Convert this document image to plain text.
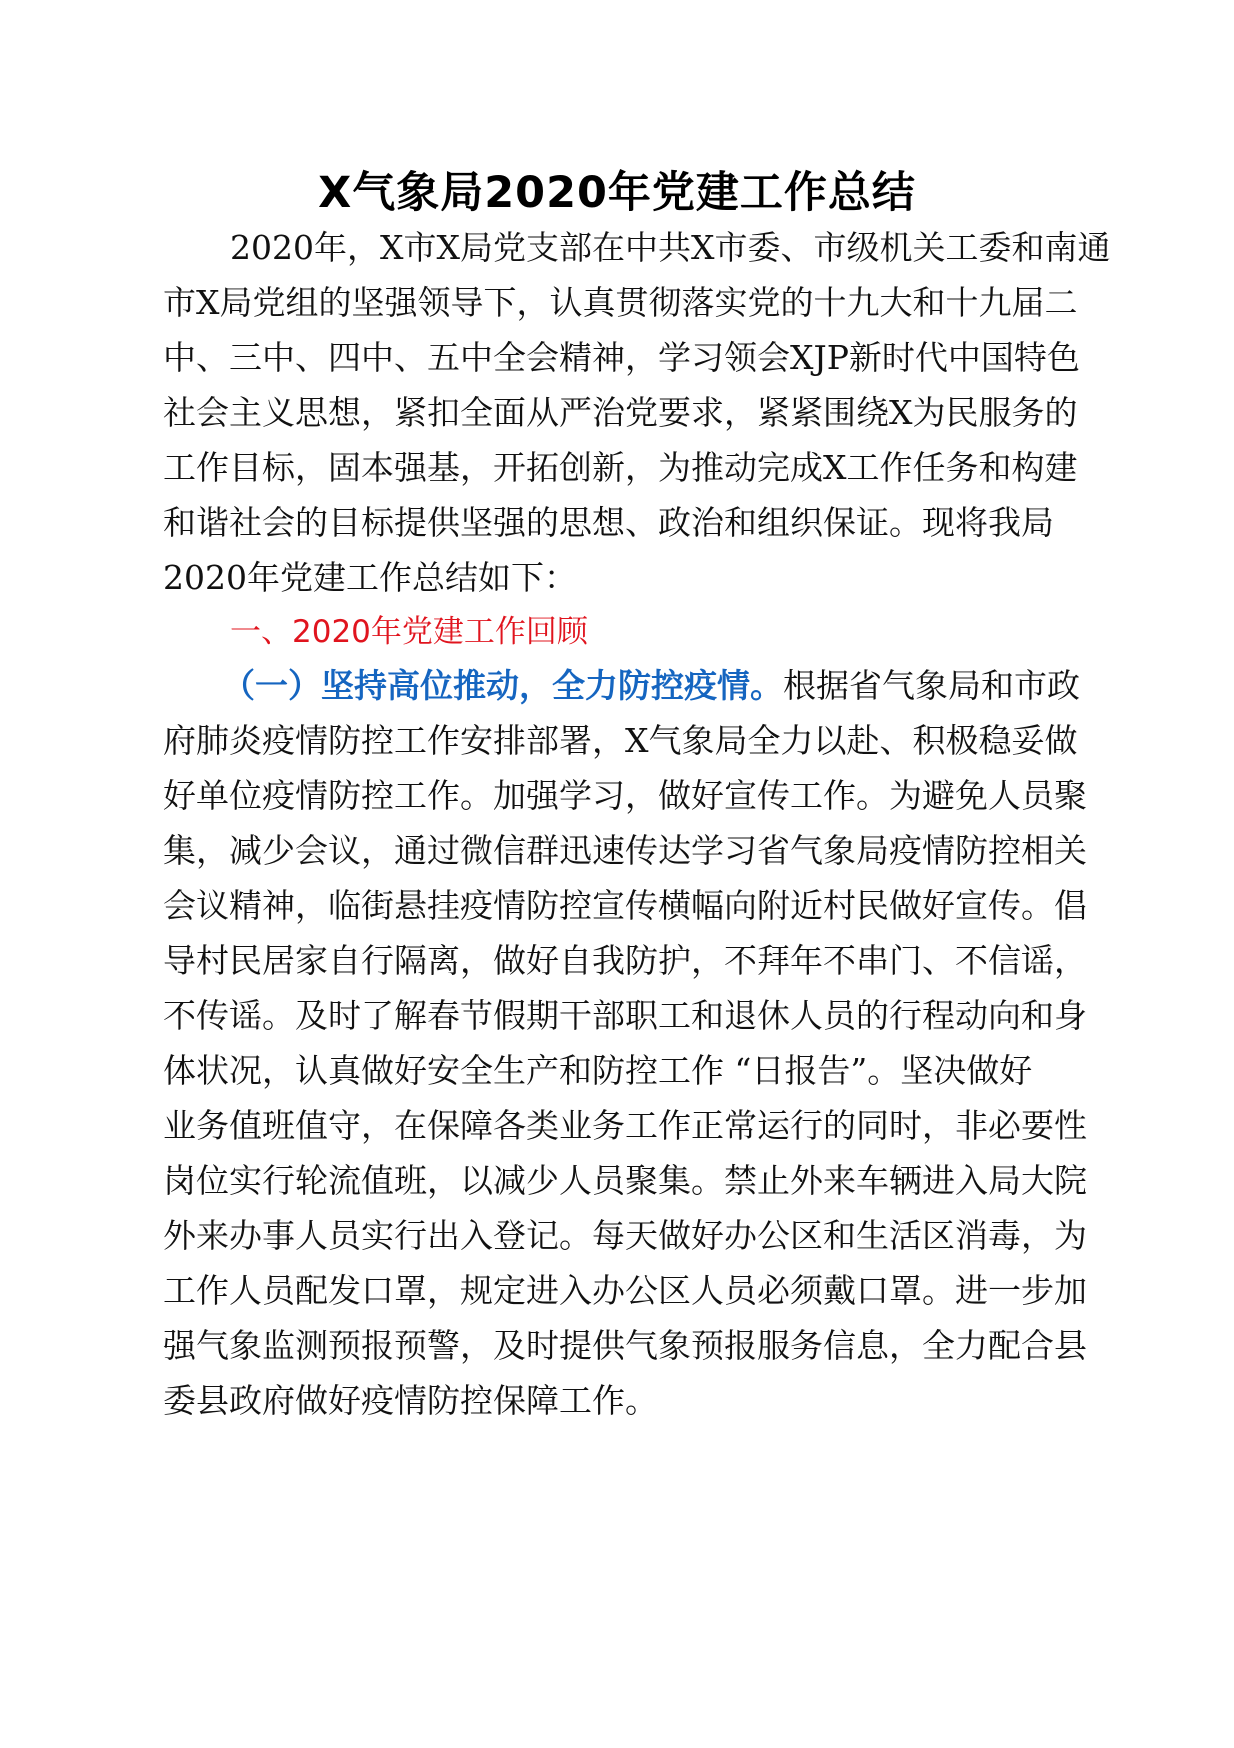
X气象局2020年党建工作总结
2020年，X市X局党支部在中共X市委、市级机关工委和南通
市X局党组的坚强领导下，认真贯彻落实党的十九大和十九届二
中、三中、四中、五中全会精神，学习领会XJP新时代中国特色
社会主义思想，紧扣全面从严治党要求，紧紧围绕X为民服务的
工作目标，固本强基，开拓创新，为推动完成X工作任务和构建
和谐社会的目标提供坚强的思想、政治和组织保证。现将我局
2020年党建工作总结如下：
一、2020年党建工作回顾
（一）坚持高位推动，全力防控疫情。根据省气象局和市政
府肺炎疫情防控工作安排部署，X气象局全力以赴、积极稳妥做
好单位疫情防控工作。加强学习，做好宣传工作。为避免人员聚
集，减少会议，通过微信群迅速传达学习省气象局疫情防控相关
会议精神，临街悬挂疫情防控宣传横幅向附近村民做好宣传。倡
导村民居家自行隔离，做好自我防护，不拜年不串门、不信谣，
不传谣。及时了解春节假期干部职工和退休人员的行程动向和身
体状况，认真做好安全生产和防控工作 “日报告”。坚决做好
业务值班值守，在保障各类业务工作正常运行的同时，非必要性
岗位实行轮流值班，以减少人员聚集。禁止外来车辆进入局大院
外来办事人员实行出入登记。每天做好办公区和生活区消毒，为
工作人员配发口罩，规定进入办公区人员必须戴口罩。进一步加
强气象监测预报预警，及时提供气象预报服务信息，全力配合县
委县政府做好疫情防控保障工作。
